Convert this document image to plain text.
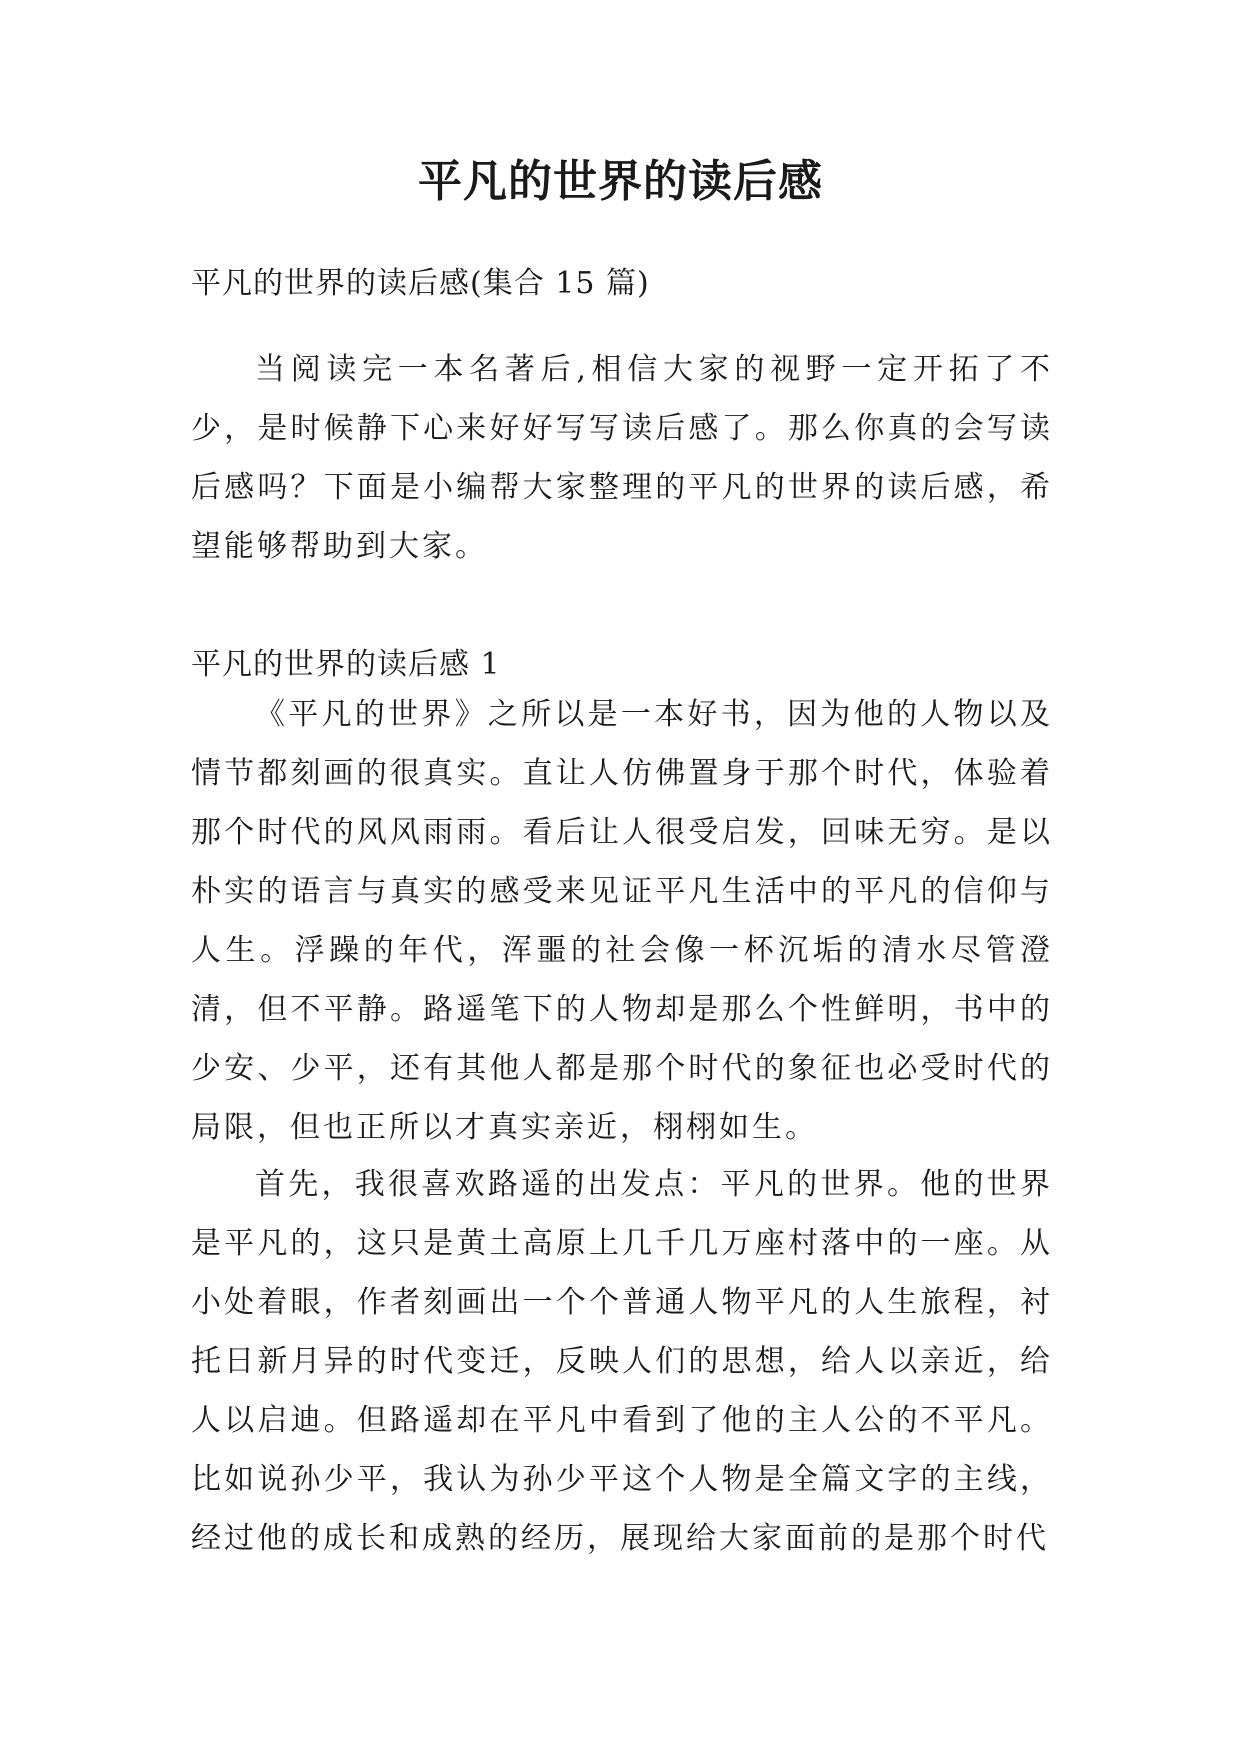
平凡的世界的读后感

平凡的世界的读后感(集合 15 篇)

当阅读完一本名著后,相信大家的视野一定开拓了不少，是时候静下心来好好写写读后感了。那么你真的会写读后感吗？下面是小编帮大家整理的平凡的世界的读后感，希望能够帮助到大家。

平凡的世界的读后感 1

《平凡的世界》之所以是一本好书，因为他的人物以及情节都刻画的很真实。直让人仿佛置身于那个时代，体验着那个时代的风风雨雨。看后让人很受启发，回味无穷。是以朴实的语言与真实的感受来见证平凡生活中的平凡的信仰与人生。浮躁的年代，浑噩的社会像一杯沉垢的清水尽管澄清，但不平静。路遥笔下的人物却是那么个性鲜明，书中的少安、少平，还有其他人都是那个时代的象征也必受时代的局限，但也正所以才真实亲近，栩栩如生。

首先，我很喜欢路遥的出发点：平凡的世界。他的世界是平凡的，这只是黄土高原上几千几万座村落中的一座。从小处着眼，作者刻画出一个个普通人物平凡的人生旅程，衬托日新月异的时代变迁，反映人们的思想，给人以亲近，给人以启迪。但路遥却在平凡中看到了他的主人公的不平凡。比如说孙少平，我认为孙少平这个人物是全篇文字的主线，经过他的成长和成熟的经历，展现给大家面前的是那个时代
